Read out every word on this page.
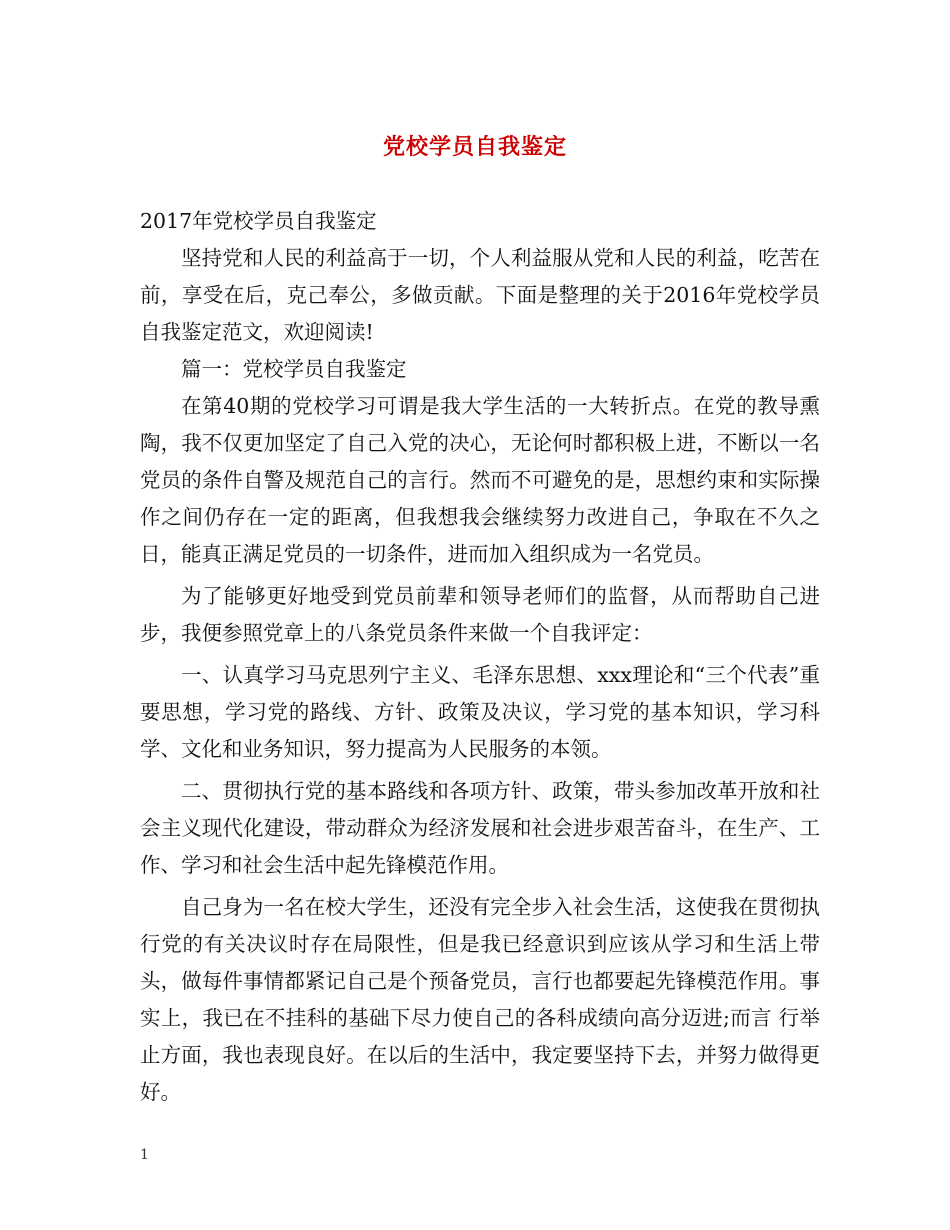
党校学员自我鉴定

2017年党校学员自我鉴定

坚持党和人民的利益高于一切，个人利益服从党和人民的利益，吃苦在前，享受在后，克己奉公，多做贡献。下面是整理的关于2016年党校学员自我鉴定范文，欢迎阅读!

篇一：党校学员自我鉴定

在第40期的党校学习可谓是我大学生活的一大转折点。在党的教导熏陶，我不仅更加坚定了自己入党的决心，无论何时都积极上进，不断以一名党员的条件自警及规范自己的言行。然而不可避免的是，思想约束和实际操作之间仍存在一定的距离，但我想我会继续努力改进自己，争取在不久之日，能真正满足党员的一切条件，进而加入组织成为一名党员。

为了能够更好地受到党员前辈和领导老师们的监督，从而帮助自己进步，我便参照党章上的八条党员条件来做一个自我评定：

一、认真学习马克思列宁主义、毛泽东思想、xxx理论和“三个代表”重要思想，学习党的路线、方针、政策及决议，学习党的基本知识，学习科学、文化和业务知识，努力提高为人民服务的本领。

二、贯彻执行党的基本路线和各项方针、政策，带头参加改革开放和社会主义现代化建设，带动群众为经济发展和社会进步艰苦奋斗，在生产、工作、学习和社会生活中起先锋模范作用。

自己身为一名在校大学生，还没有完全步入社会生活，这使我在贯彻执行党的有关决议时存在局限性，但是我已经意识到应该从学习和生活上带头，做每件事情都紧记自己是个预备党员，言行也都要起先锋模范作用。事实上，我已在不挂科的基础下尽力使自己的各科成绩向高分迈进;而言 行举止方面，我也表现良好。在以后的生活中，我定要坚持下去，并努力做得更好。

1
